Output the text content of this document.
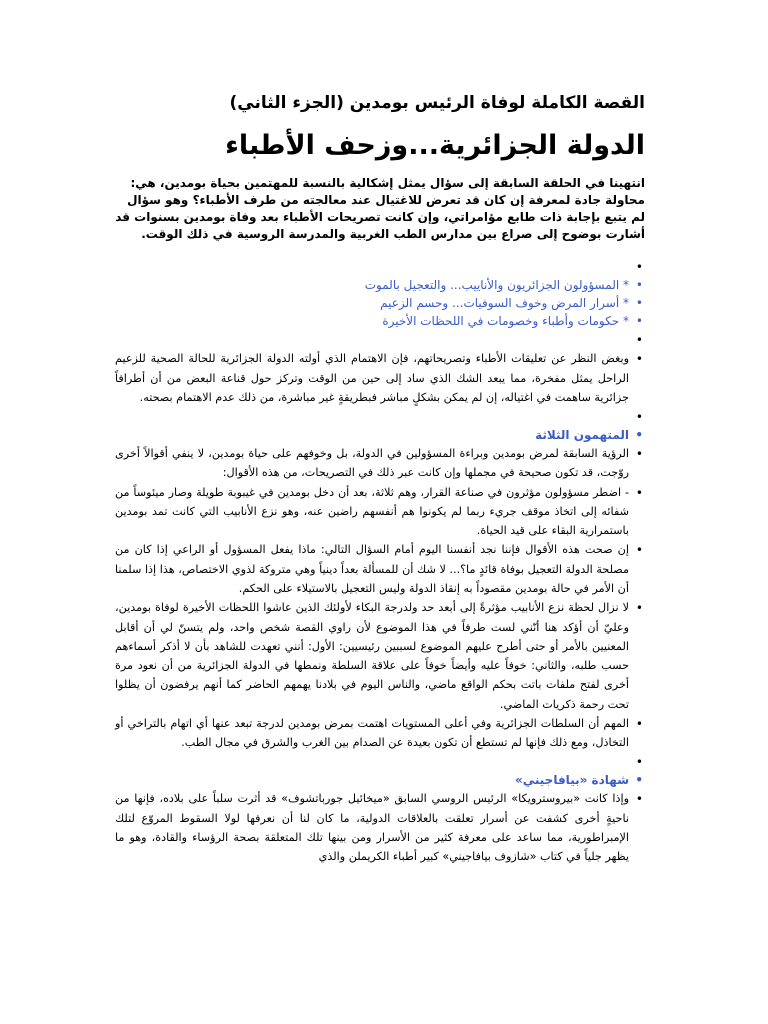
القصة الكاملة لوفاة الرئيس بومدين (الجزء الثاني)
الدولة الجزائرية...وزحف الأطباء
انتهينا في الحلقة السابقة إلى سؤال يمثل إشكالية بالنسبة للمهتمين بحياة بومدين، هي: محاولة جادة لمعرفة إن كان قد تعرض للاغتيال عند معالجته من طرف الأطباء؟ وهو سؤال لم يتبع بإجابة ذات طابع مؤامراتي، وإن كانت تصريحات الأطباء بعد وفاة بومدين بسنوات قد أشارت بوضوح إلى صراع بين مدارس الطب الغربية والمدرسة الروسية في ذلك الوقت.
•
• * المسؤولون الجزائريون والأناييب... والتعجيل بالموت
• * أسرار المرض وخوف السوفيات... وحسم الزعيم
• * حكومات وأطباء وخصومات في اللحظات الأخيرة
•
• وبغض النظر عن تعليقات الأطباء وتصريحاتهم، فإن الاهتمام الذي أولته الدولة الجزائرية للحالة الصحية للزعيم الراحل يمثل مفخرة، مما يبعد الشك الذي ساد إلى حين من الوقت وتركز حول قناعة البعض من أن أطرافاً جزائرية ساهمت في اغتياله، إن لم يمكن بشكلٍ مباشر فبطريقةٍ غير مباشرة، من ذلك عدم الاهتمام بصحته.
•
• المتهمون الثلاثة
• الرؤية السابقة لمرض بومدين وبراءة المسؤولين في الدولة، بل وخوفهم على حياة بومدين، لا ينفي أقوالاً أخرى روّجت، قد تكون صحيحة في مجملها وإن كانت عبر ذلك في التصريحات، من هذه الأقوال:
• - اضطر مسؤولون مؤثرون في صناعة القرار، وهم ثلاثة، بعد أن دخل بومدين في غيبوبة طويلة وصار ميئوساً من شفائه إلى اتخاذ موقف جريء ربما لم يكونوا هم أنفسهم راضين عنه، وهو نزع الأنابيب التي كانت تمد بومدين باستمرارية البقاء على قيد الحياة.
• إن صحت هذه الأقوال فإننا نجد أنفسنا اليوم أمام السؤال التالي: ماذا يفعل المسؤول أو الراعي إذا كان من مصلحة الدولة التعجيل بوفاة قائدٍ ما؟... لا شك أن للمسألة بعداً دينياً وهي متروكة لذوي الاختصاص، هذا إذا سلمنا أن الأمر في حالة بومدين مقصوداً به إنقاذ الدولة وليس التعجيل بالاستيلاء على الحكم.
• لا نزال لحظة نزع الأنابيب مؤثرةً إلى أبعد حد ولدرجة البكاء لأولئك الذين عاشوا اللحظات الأخيرة لوفاة بومدين، وعليّ أن أؤكد هنا أنّني لست طرفاً في هذا الموضوع لأن راوي القصة شخص واحد، ولم يتسنّ لي أن أقابل المعنيين بالأمر أو حتى أطرح عليهم الموضوع لسببين رئيسيين: الأول: أنني تعهدت للشاهد بأن لا أذكر أسماءهم حسب طلبه، والثاني: خوفاً عليه وأيضاً خوفاً على علاقة السلطة ونمطها في الدولة الجزائرية من أن نعود مرة أخرى لفتح ملفات باتت بحكم الواقع ماضي، والناس اليوم في بلادنا يهمهم الحاضر كما أنهم يرفضون أن يظلوا تحت رحمة ذكريات الماضي.
• المهم أن السلطات الجزائرية وفي أعلى المستويات اهتمت بمرض بومدين لدرجة تبعد عنها أي اتهام بالتراخي أو التخاذل، ومع ذلك فإنها لم تستطع أن تكون بعيدة عن الصدام بين الغرب والشرق في مجال الطب.
•
• شهادة «بيافاجيني»
• وإذا كانت «بيروسترويكا» الرئيس الروسي السابق «ميخائيل جورباتشوف» قد أثرت سلباً على بلاده، فإنها من ناحيةٍ أخرى كشفت عن أسرار تعلقت بالعلاقات الدولية، ما كان لنا أن نعرفها لولا السقوط المروّع لتلك الإمبراطورية، مما ساعد على معرفة كثير من الأسرار ومن بينها تلك المتعلقة بصحة الرؤساء والقادة، وهو ما يظهر جلياً في كتاب «شازوف بيافاجيني» كبير أطباء الكريملن والذي
